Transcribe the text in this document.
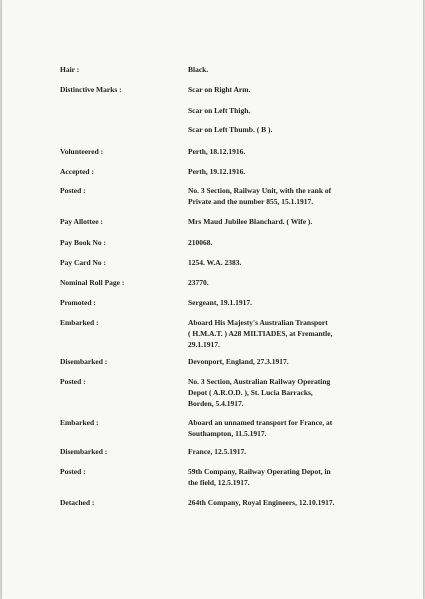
Hair :	Black.
Distinctive Marks :	Scar on Right Arm.
Scar on Left Thigh.
Scar on Left Thumb. ( B ).
Volunteered :	Perth, 18.12.1916.
Accepted :	Perth, 19.12.1916.
Posted :	No. 3 Section, Railway Unit, with the rank of
Private and the number 855, 15.1.1917.
Pay Allottee :	Mrs Maud Jubilee Blanchard. ( Wife ).
Pay Book No :	210068.
Pay Card No :	1254. W.A. 2383.
Nominal Roll Page :	23770.
Promoted :	Sergeant, 19.1.1917.
Embarked :	Aboard His Majesty's Australian Transport
( H.M.A.T. ) A28 MILTIADES, at Fremantle,
29.1.1917.
Disembarked :	Devonport, England, 27.3.1917.
Posted :	No. 3 Section, Australian Railway Operating
Depot ( A.R.O.D. ), St. Lucia Barracks,
Borden, 5.4.1917.
Embarked :	Aboard an unnamed transport for France, at
Southampton, 11.5.1917.
Disembarked :	France, 12.5.1917.
Posted :	59th Company, Railway Operating Depot, in
the field, 12.5.1917.
Detached :	264th Company, Royal Engineers, 12.10.1917.
